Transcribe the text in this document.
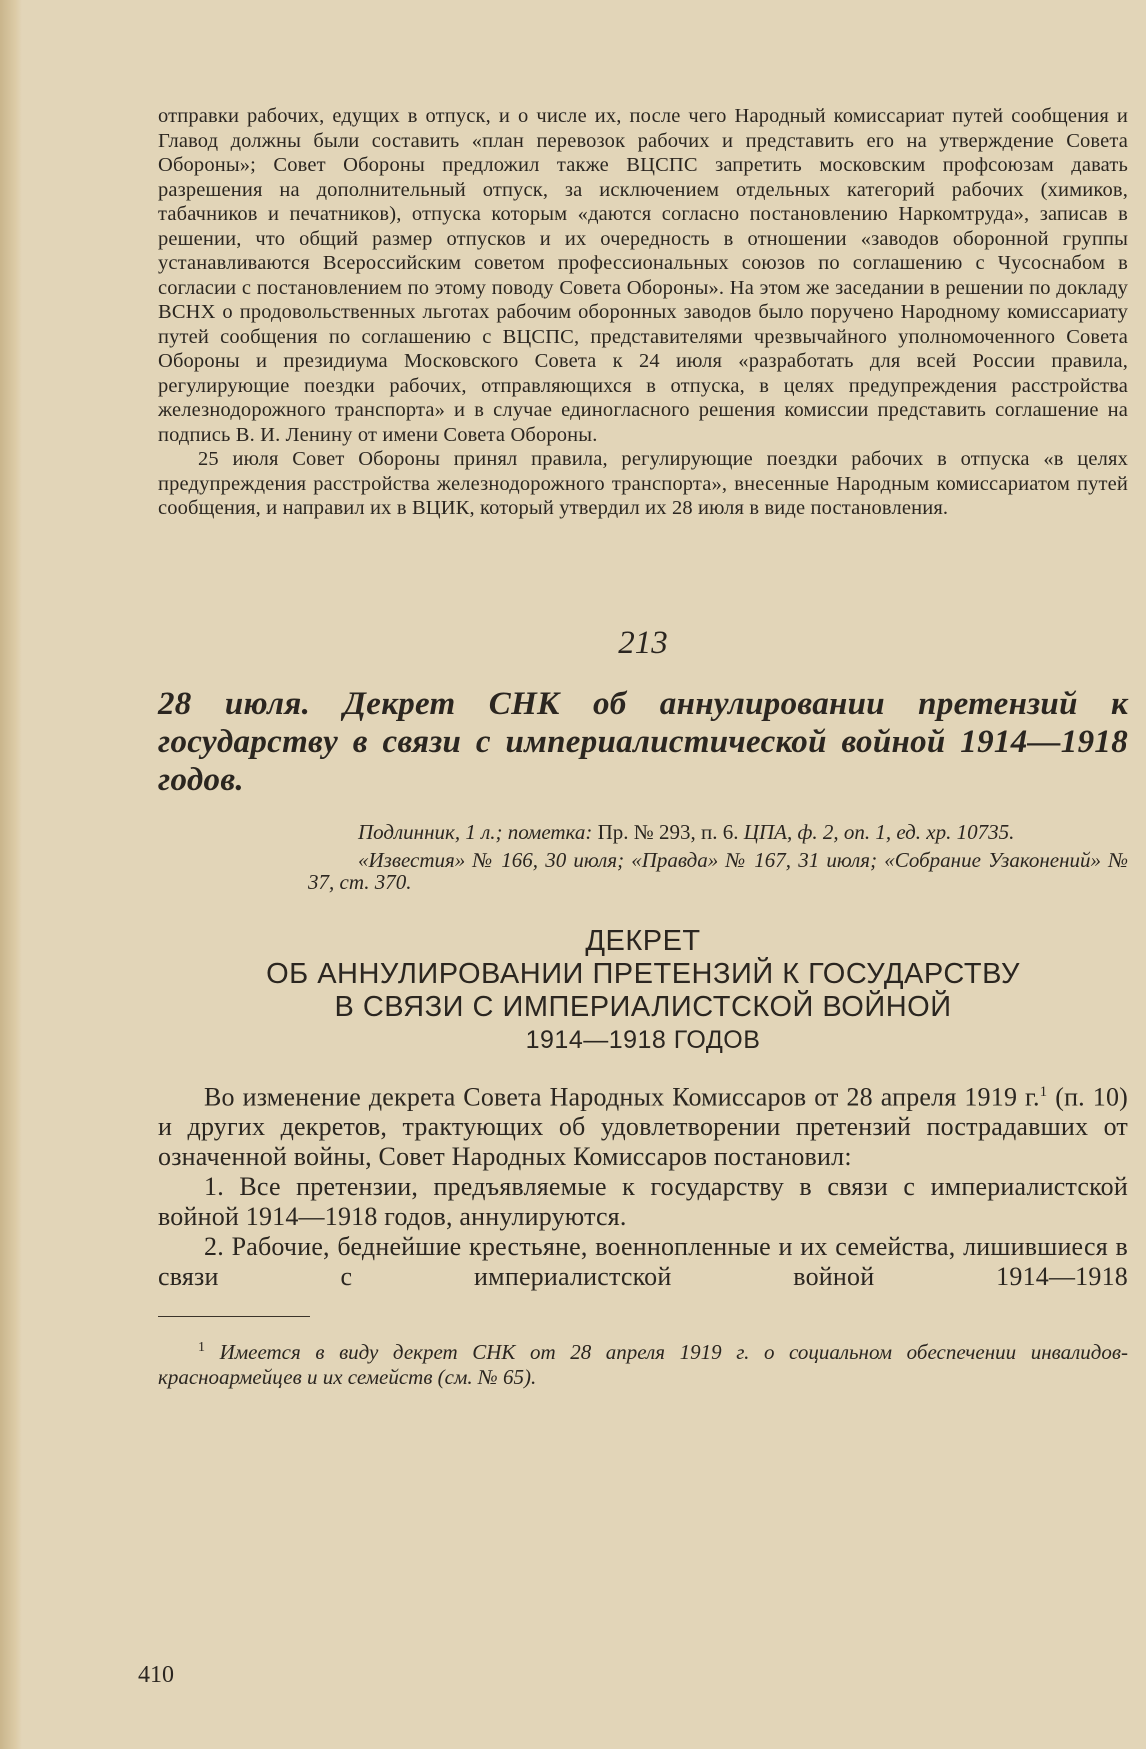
отправки рабочих, едущих в отпуск, и о числе их, после чего Народный комиссариат путей сообщения и Главод должны были составить «план перевозок рабочих и представить его на утверждение Совета Обороны»; Совет Обороны предложил также ВЦСПС запретить московским профсоюзам давать разрешения на дополнительный отпуск, за исключением отдельных категорий рабочих (химиков, табачников и печатников), отпуска которым «даются согласно постановлению Наркомтруда», записав в решении, что общий размер отпусков и их очередность в отношении «заводов оборонной группы устанавливаются Всероссийским советом профессиональных союзов по соглашению с Чусоснабом в согласии с постановлением по этому поводу Совета Обороны». На этом же заседании в решении по докладу ВСНХ о продовольственных льготах рабочим оборонных заводов было поручено Народному комиссариату путей сообщения по соглашению с ВЦСПС, представителями чрезвычайного уполномоченного Совета Обороны и президиума Московского Совета к 24 июля «разработать для всей России правила, регулирующие поездки рабочих, отправляющихся в отпуска, в целях предупреждения расстройства железнодорожного транспорта» и в случае единогласного решения комиссии представить соглашение на подпись В. И. Ленину от имени Совета Обороны.

25 июля Совет Обороны принял правила, регулирующие поездки рабочих в отпуска «в целях предупреждения расстройства железнодорожного транспорта», внесенные Народным комиссариатом путей сообщения, и направил их в ВЦИК, который утвердил их 28 июля в виде постановления.

213

28 июля. Декрет СНК об аннулировании претензий к государству в связи с империалистической войной 1914—1918 годов.

Подлинник, 1 л.; пометка: Пр. № 293, п. 6. ЦПА, ф. 2, оп. 1, ед. хр. 10735.

«Известия» № 166, 30 июля; «Правда» № 167, 31 июля; «Собрание Узаконений» № 37, ст. 370.

ДЕКРЕТ
ОБ АННУЛИРОВАНИИ ПРЕТЕНЗИЙ К ГОСУДАРСТВУ
В СВЯЗИ С ИМПЕРИАЛИСТСКОЙ ВОЙНОЙ
1914—1918 ГОДОВ

Во изменение декрета Совета Народных Комиссаров от 28 апреля 1919 г.$^1$ (п. 10) и других декретов, трактующих об удовлетворении претензий пострадавших от означенной войны, Совет Народных Комиссаров постановил:

1. Все претензии, предъявляемые к государству в связи с империалистской войной 1914—1918 годов, аннулируются.

2. Рабочие, беднейшие крестьяне, военнопленные и их семейства, лишившиеся в связи с империалистской войной 1914—1918

$^1$ Имеется в виду декрет СНК от 28 апреля 1919 г. о социальном обеспечении инвалидов-красноармейцев и их семейств (см. № 65).

410
